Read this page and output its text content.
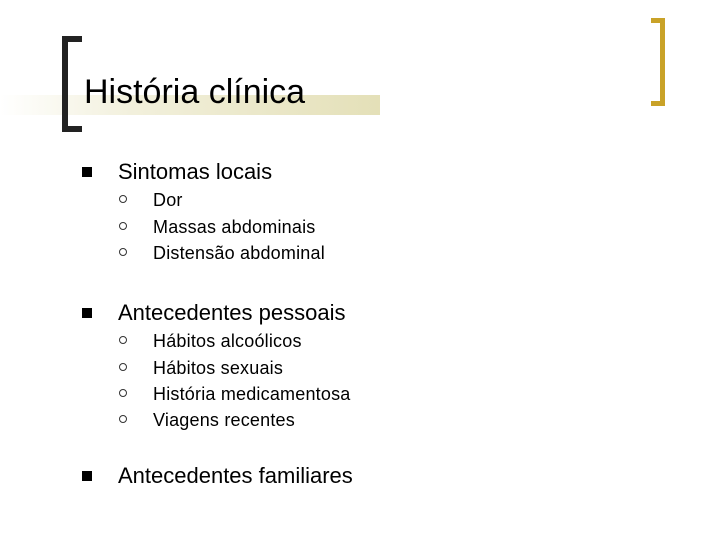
História clínica
Sintomas locais
Dor
Massas abdominais
Distensão abdominal
Antecedentes pessoais
Hábitos alcoólicos
Hábitos sexuais
História medicamentosa
Viagens recentes
Antecedentes familiares
